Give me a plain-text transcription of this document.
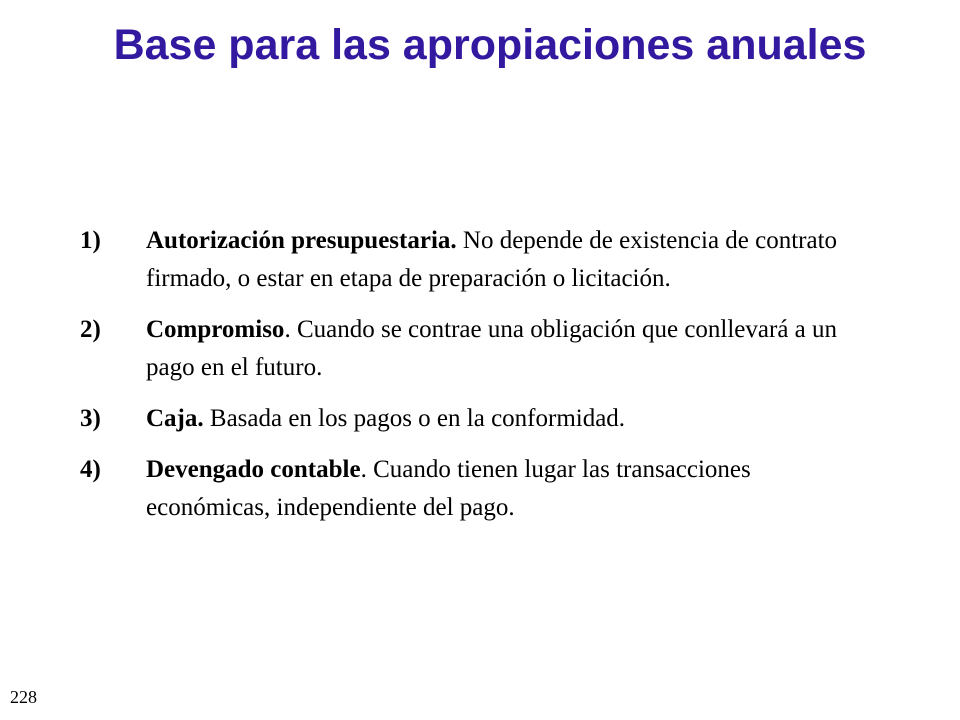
Base para las apropiaciones anuales
1) Autorización presupuestaria. No depende de existencia de contrato firmado, o estar en etapa de preparación o licitación.
2) Compromiso. Cuando se contrae una obligación que conllevará a un pago en el futuro.
3) Caja. Basada en los pagos o en la conformidad.
4) Devengado contable. Cuando tienen lugar las transacciones económicas, independiente del pago.
228
